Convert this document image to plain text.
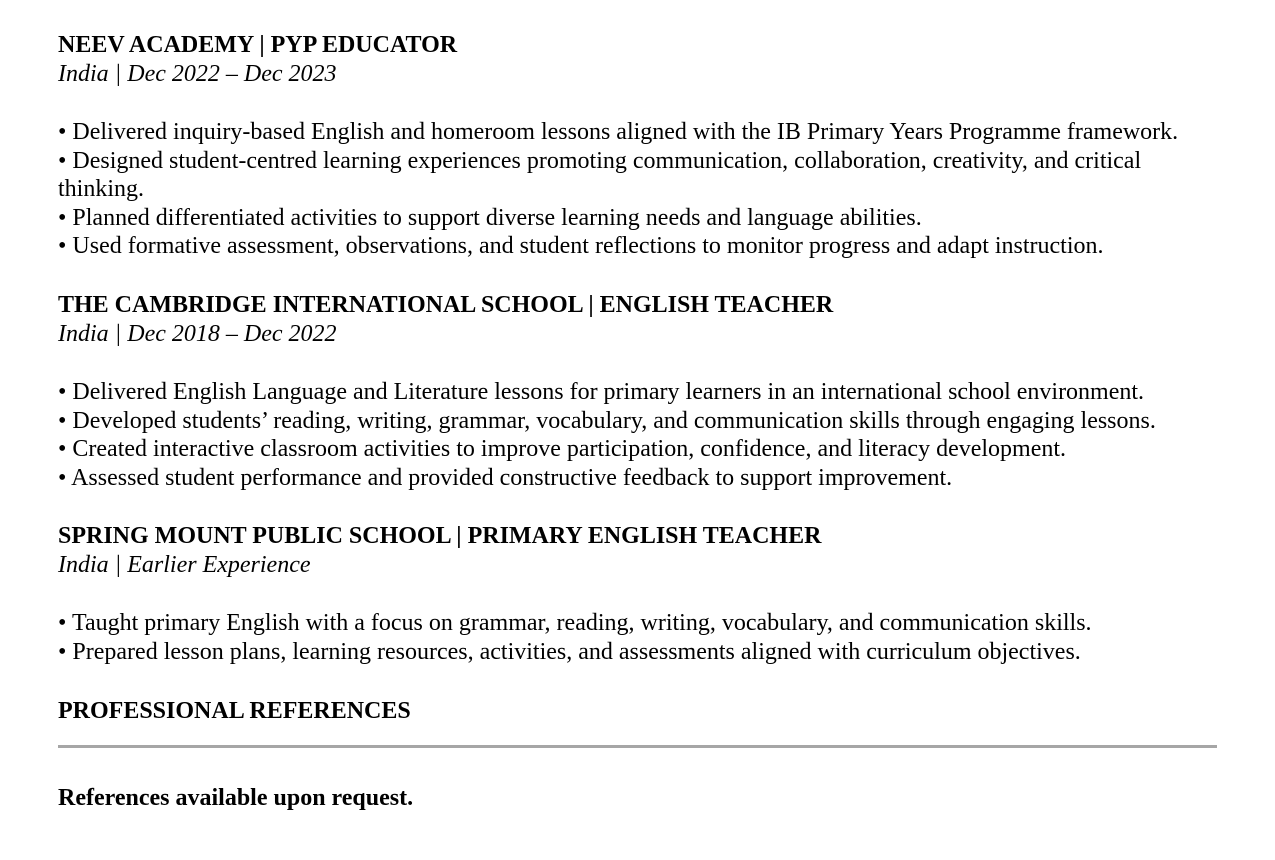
NEEV ACADEMY | PYP EDUCATOR
India | Dec 2022 – Dec 2023
• Delivered inquiry-based English and homeroom lessons aligned with the IB Primary Years Programme framework.
• Designed student-centred learning experiences promoting communication, collaboration, creativity, and critical thinking.
• Planned differentiated activities to support diverse learning needs and language abilities.
• Used formative assessment, observations, and student reflections to monitor progress and adapt instruction.
THE CAMBRIDGE INTERNATIONAL SCHOOL | ENGLISH TEACHER
India | Dec 2018 – Dec 2022
• Delivered English Language and Literature lessons for primary learners in an international school environment.
• Developed students’ reading, writing, grammar, vocabulary, and communication skills through engaging lessons.
• Created interactive classroom activities to improve participation, confidence, and literacy development.
• Assessed student performance and provided constructive feedback to support improvement.
SPRING MOUNT PUBLIC SCHOOL | PRIMARY ENGLISH TEACHER
India | Earlier Experience
• Taught primary English with a focus on grammar, reading, writing, vocabulary, and communication skills.
• Prepared lesson plans, learning resources, activities, and assessments aligned with curriculum objectives.
PROFESSIONAL REFERENCES
References available upon request.
